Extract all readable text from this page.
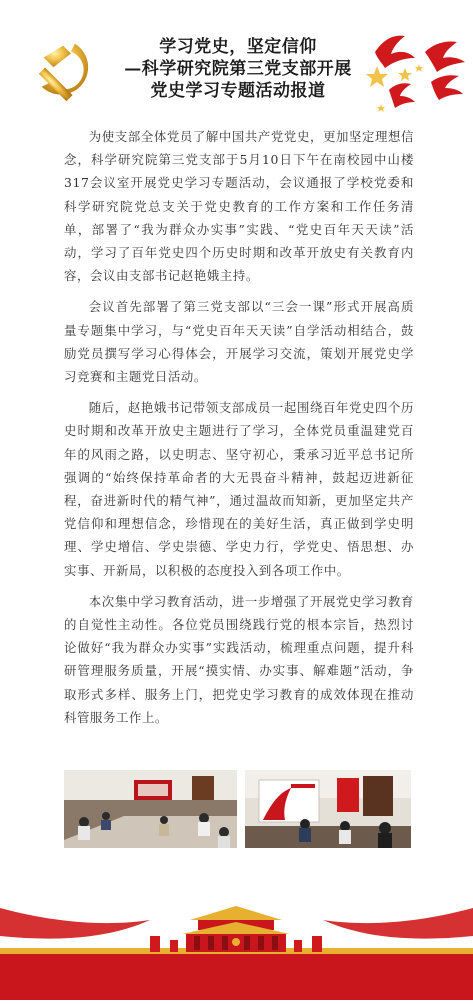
学习党史，坚定信仰
—科学研究院第三党支部开展
党史学习专题活动报道

为使支部全体党员了解中国共产党党史，更加坚定理想信念，科学研究院第三党支部于5月10日下午在南校园中山楼317会议室开展党史学习专题活动，会议通报了学校党委和科学研究院党总支关于党史教育的工作方案和工作任务清单，部署了“我为群众办实事”实践、“党史百年天天读”活动，学习了百年党史四个历史时期和改革开放史有关教育内容，会议由支部书记赵艳娥主持。

会议首先部署了第三党支部以“三会一课”形式开展高质量专题集中学习，与“党史百年天天读”自学活动相结合，鼓励党员撰写学习心得体会，开展学习交流，策划开展党史学习竞赛和主题党日活动。

随后，赵艳娥书记带领支部成员一起围绕百年党史四个历史时期和改革开放史主题进行了学习，全体党员重温建党百年的风雨之路，以史明志、坚守初心，秉承习近平总书记所强调的“始终保持革命者的大无畏奋斗精神，鼓起迈进新征程，奋进新时代的精气神”，通过温故而知新，更加坚定共产党信仰和理想信念，珍惜现在的美好生活，真正做到学史明理、学史增信、学史崇德、学史力行，学党史、悟思想、办实事、开新局，以积极的态度投入到各项工作中。

本次集中学习教育活动，进一步增强了开展党史学习教育的自觉性主动性。各位党员围绕践行党的根本宗旨，热烈讨论做好“我为群众办实事”实践活动，梳理重点问题，提升科研管理服务质量，开展“摸实情、办实事、解难题”活动，争取形式多样、服务上门，把党史学习教育的成效体现在推动科管服务工作上。
